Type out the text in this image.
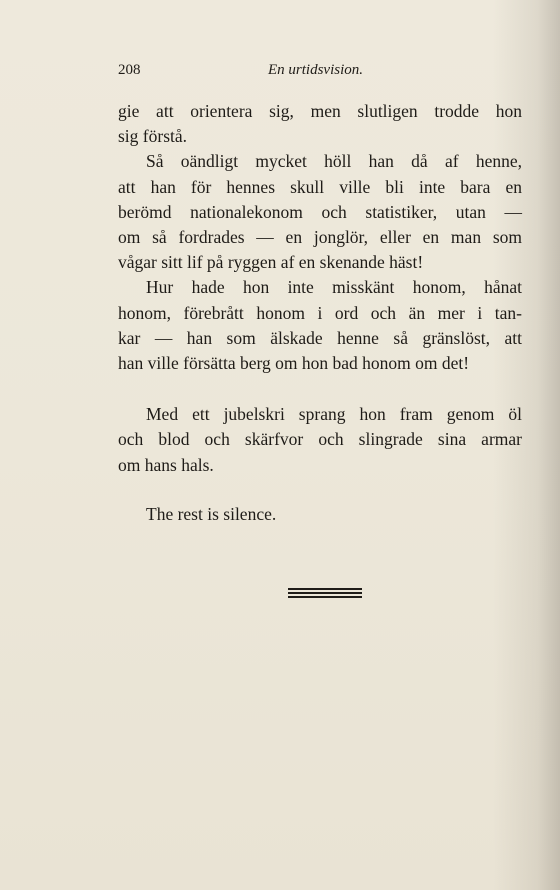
208	En urtidsvision.

gie att orientera sig, men slutligen trodde hon
sig förstå.

Så oändligt mycket höll han då af henne,
att han för hennes skull ville bli inte bara en
berömd nationalekonom och statistiker, utan —
om så fordrades — en jonglör, eller en man som
vågar sitt lif på ryggen af en skenande häst!

Hur hade hon inte misskänt honom, hånat
honom, förebrått honom i ord och än mer i tan-
kar — han som älskade henne så gränslöst, att
han ville försätta berg om hon bad honom om det!

Med ett jubelskri sprang hon fram genom öl
och blod och skärfvor och slingrade sina armar
om hans hals.

The rest is silence.
